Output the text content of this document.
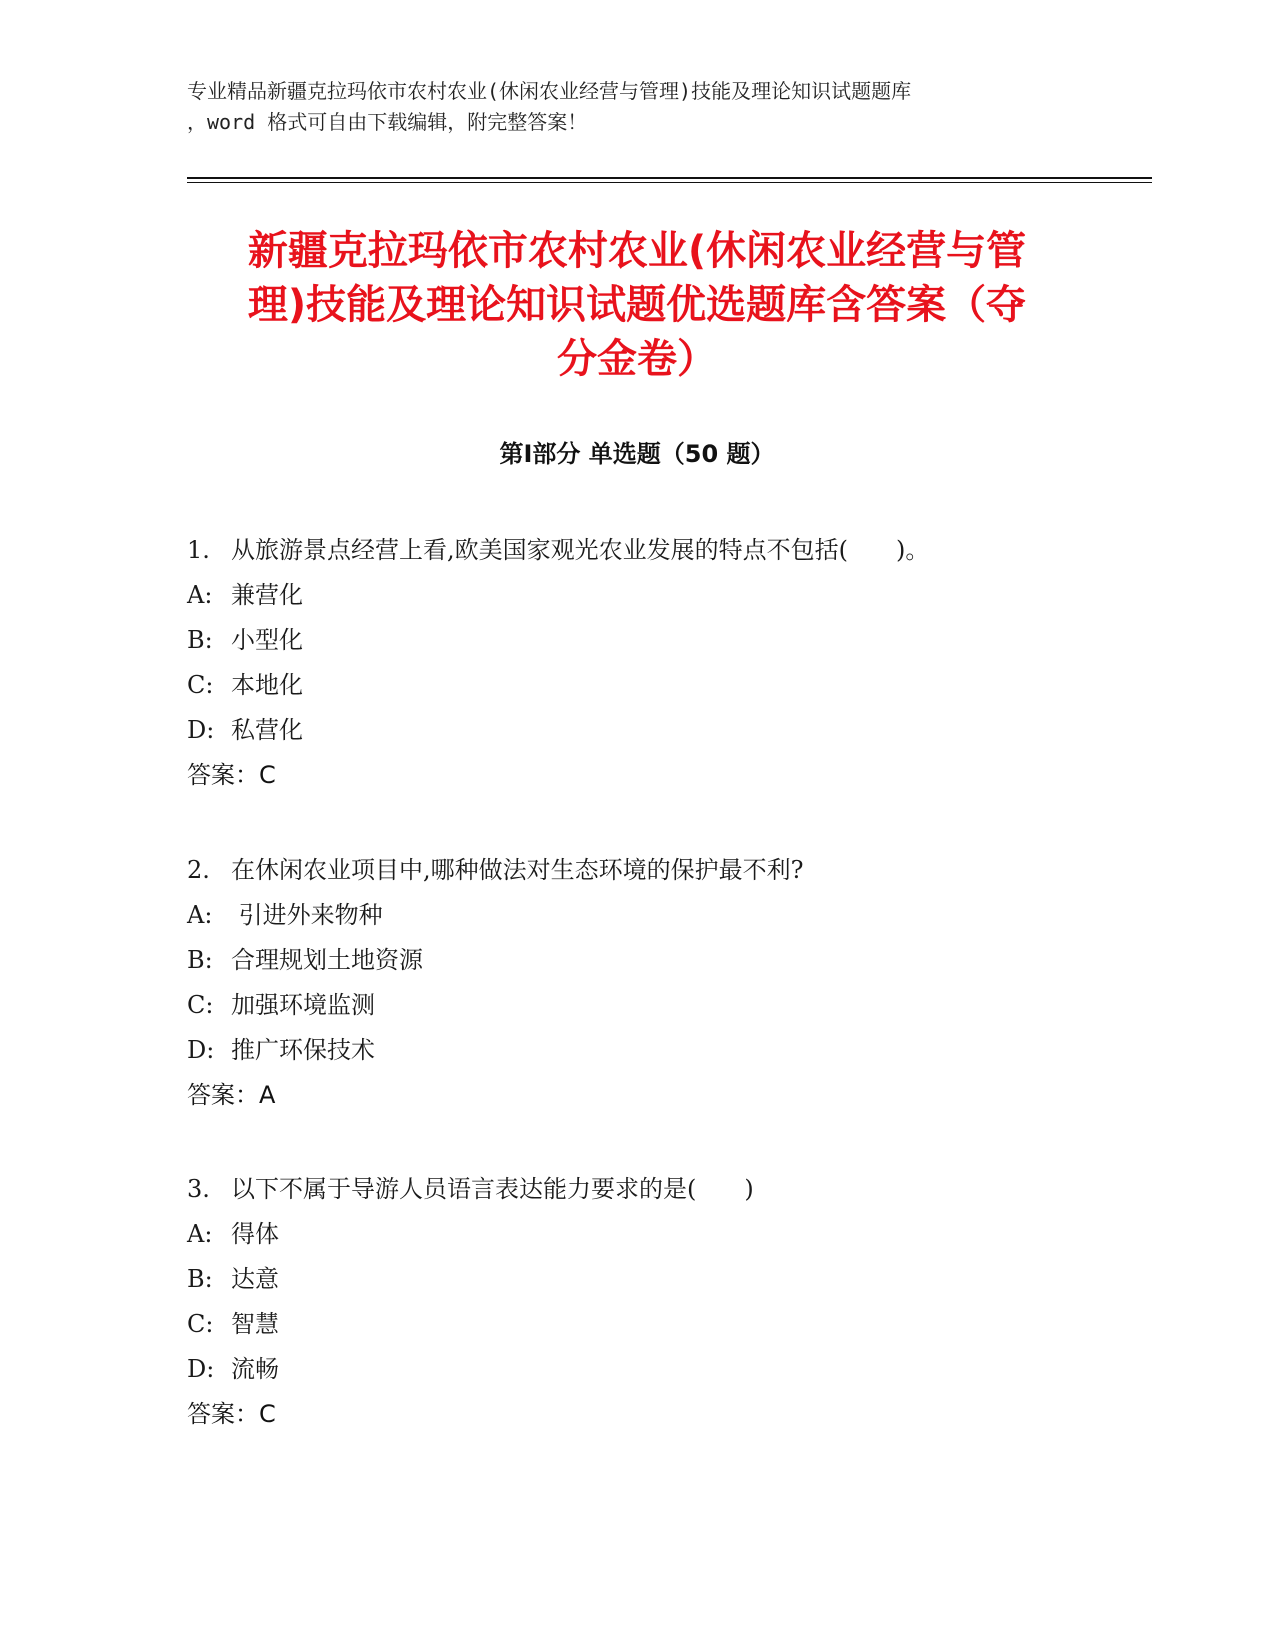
专业精品新疆克拉玛依市农村农业(休闲农业经营与管理)技能及理论知识试题题库
，word 格式可自由下载编辑，附完整答案！
新疆克拉玛依市农村农业(休闲农业经营与管
理)技能及理论知识试题优选题库含答案（夺
分金卷）
第Ⅰ部分 单选题（50 题）
1. 从旅游景点经营上看,欧美国家观光农业发展的特点不包括(　　)。
A: 兼营化
B: 小型化
C: 本地化
D: 私营化
答案：C
2. 在休闲农业项目中,哪种做法对生态环境的保护最不利?
A: 引进外来物种
B: 合理规划土地资源
C: 加强环境监测
D: 推广环保技术
答案：A
3. 以下不属于导游人员语言表达能力要求的是(　　)
A: 得体
B: 达意
C: 智慧
D: 流畅
答案：C
